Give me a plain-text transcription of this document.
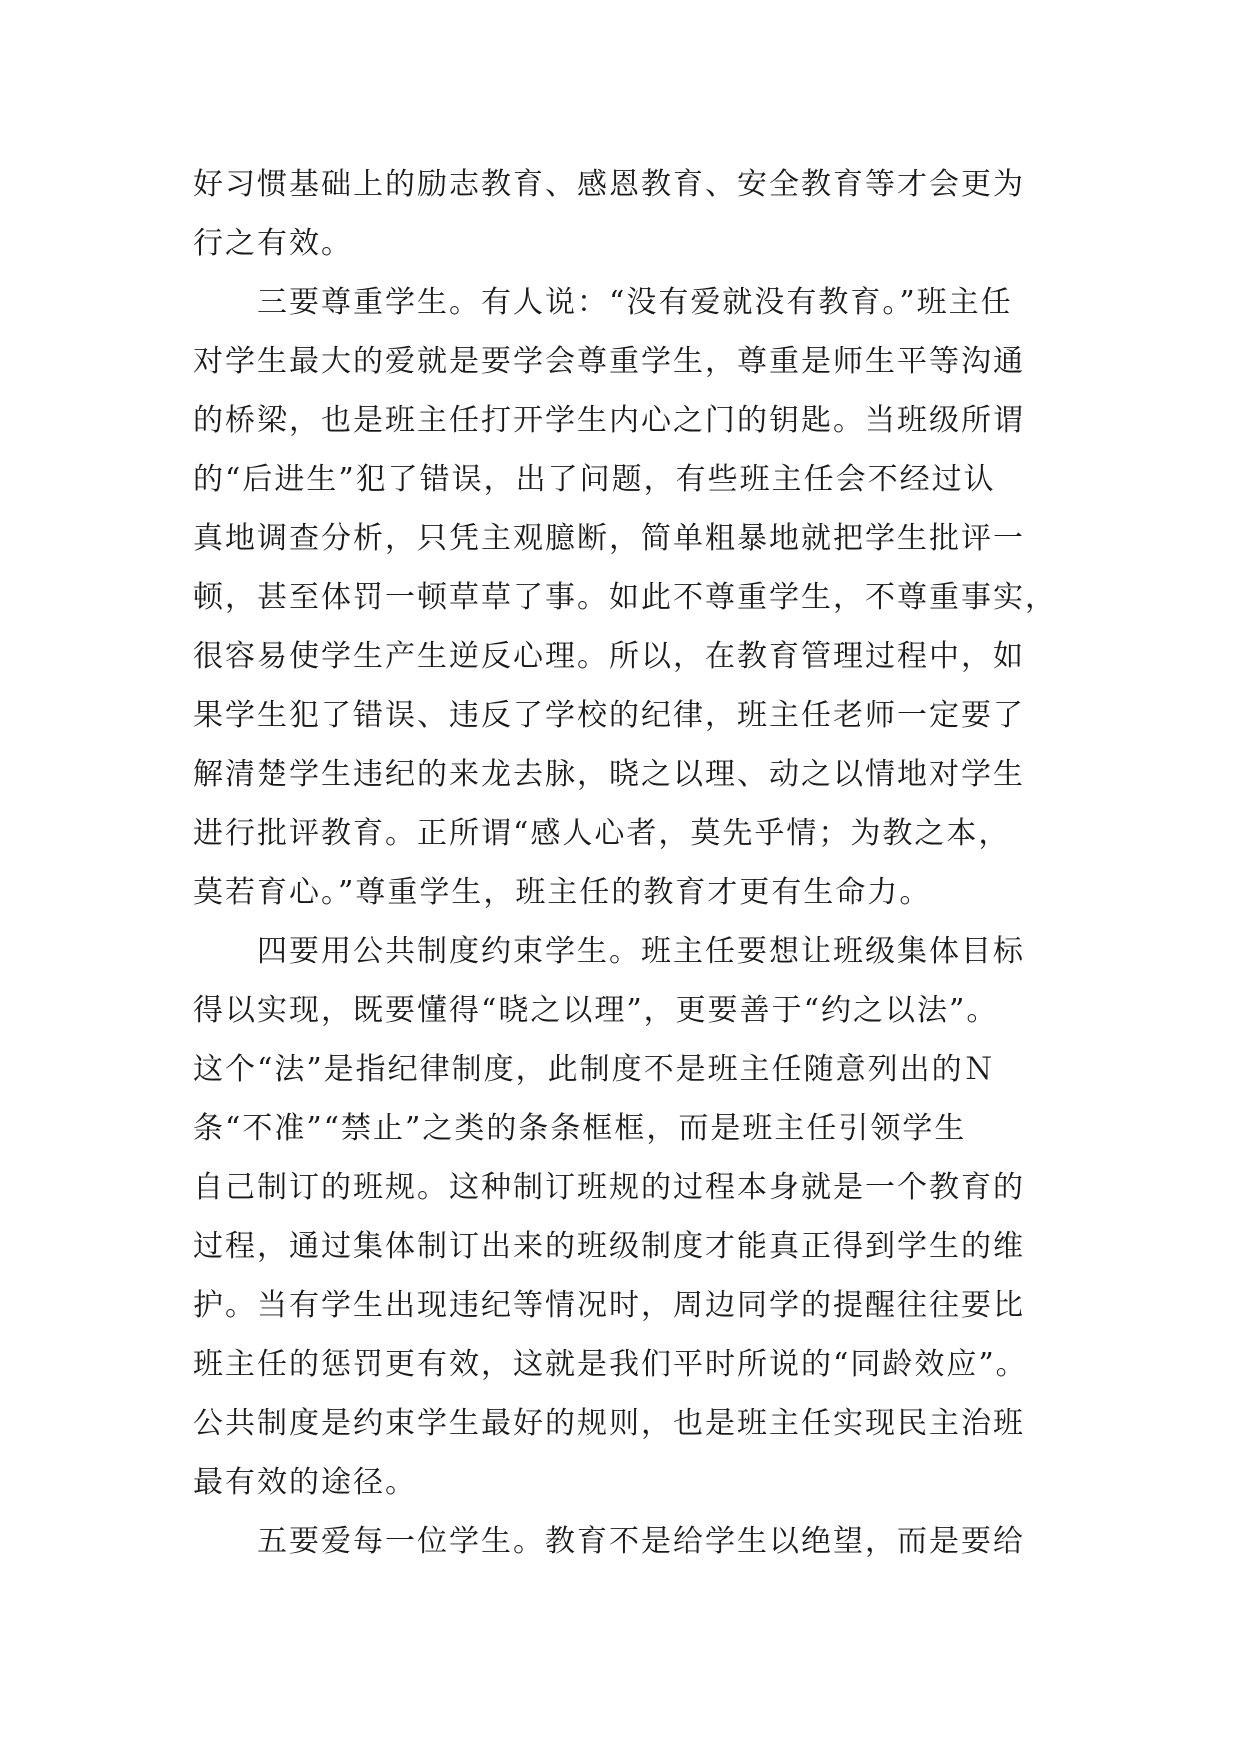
好习惯基础上的励志教育、感恩教育、安全教育等才会更为
行之有效。
　　三要尊重学生。有人说：“没有爱就没有教育。”班主任
对学生最大的爱就是要学会尊重学生，尊重是师生平等沟通
的桥梁，也是班主任打开学生内心之门的钥匙。当班级所谓
的“后进生”犯了错误，出了问题，有些班主任会不经过认
真地调查分析，只凭主观臆断，简单粗暴地就把学生批评一
顿，甚至体罚一顿草草了事。如此不尊重学生，不尊重事实，
很容易使学生产生逆反心理。所以，在教育管理过程中，如
果学生犯了错误、违反了学校的纪律，班主任老师一定要了
解清楚学生违纪的来龙去脉，晓之以理、动之以情地对学生
进行批评教育。正所谓“感人心者，莫先乎情；为教之本，
莫若育心。”尊重学生，班主任的教育才更有生命力。
　　四要用公共制度约束学生。班主任要想让班级集体目标
得以实现，既要懂得“晓之以理”，更要善于“约之以法”。
这个“法”是指纪律制度，此制度不是班主任随意列出的Ｎ
条“不准”“禁止”之类的条条框框，而是班主任引领学生
自己制订的班规。这种制订班规的过程本身就是一个教育的
过程，通过集体制订出来的班级制度才能真正得到学生的维
护。当有学生出现违纪等情况时，周边同学的提醒往往要比
班主任的惩罚更有效，这就是我们平时所说的“同龄效应”。
公共制度是约束学生最好的规则，也是班主任实现民主治班
最有效的途径。
　　五要爱每一位学生。教育不是给学生以绝望，而是要给
